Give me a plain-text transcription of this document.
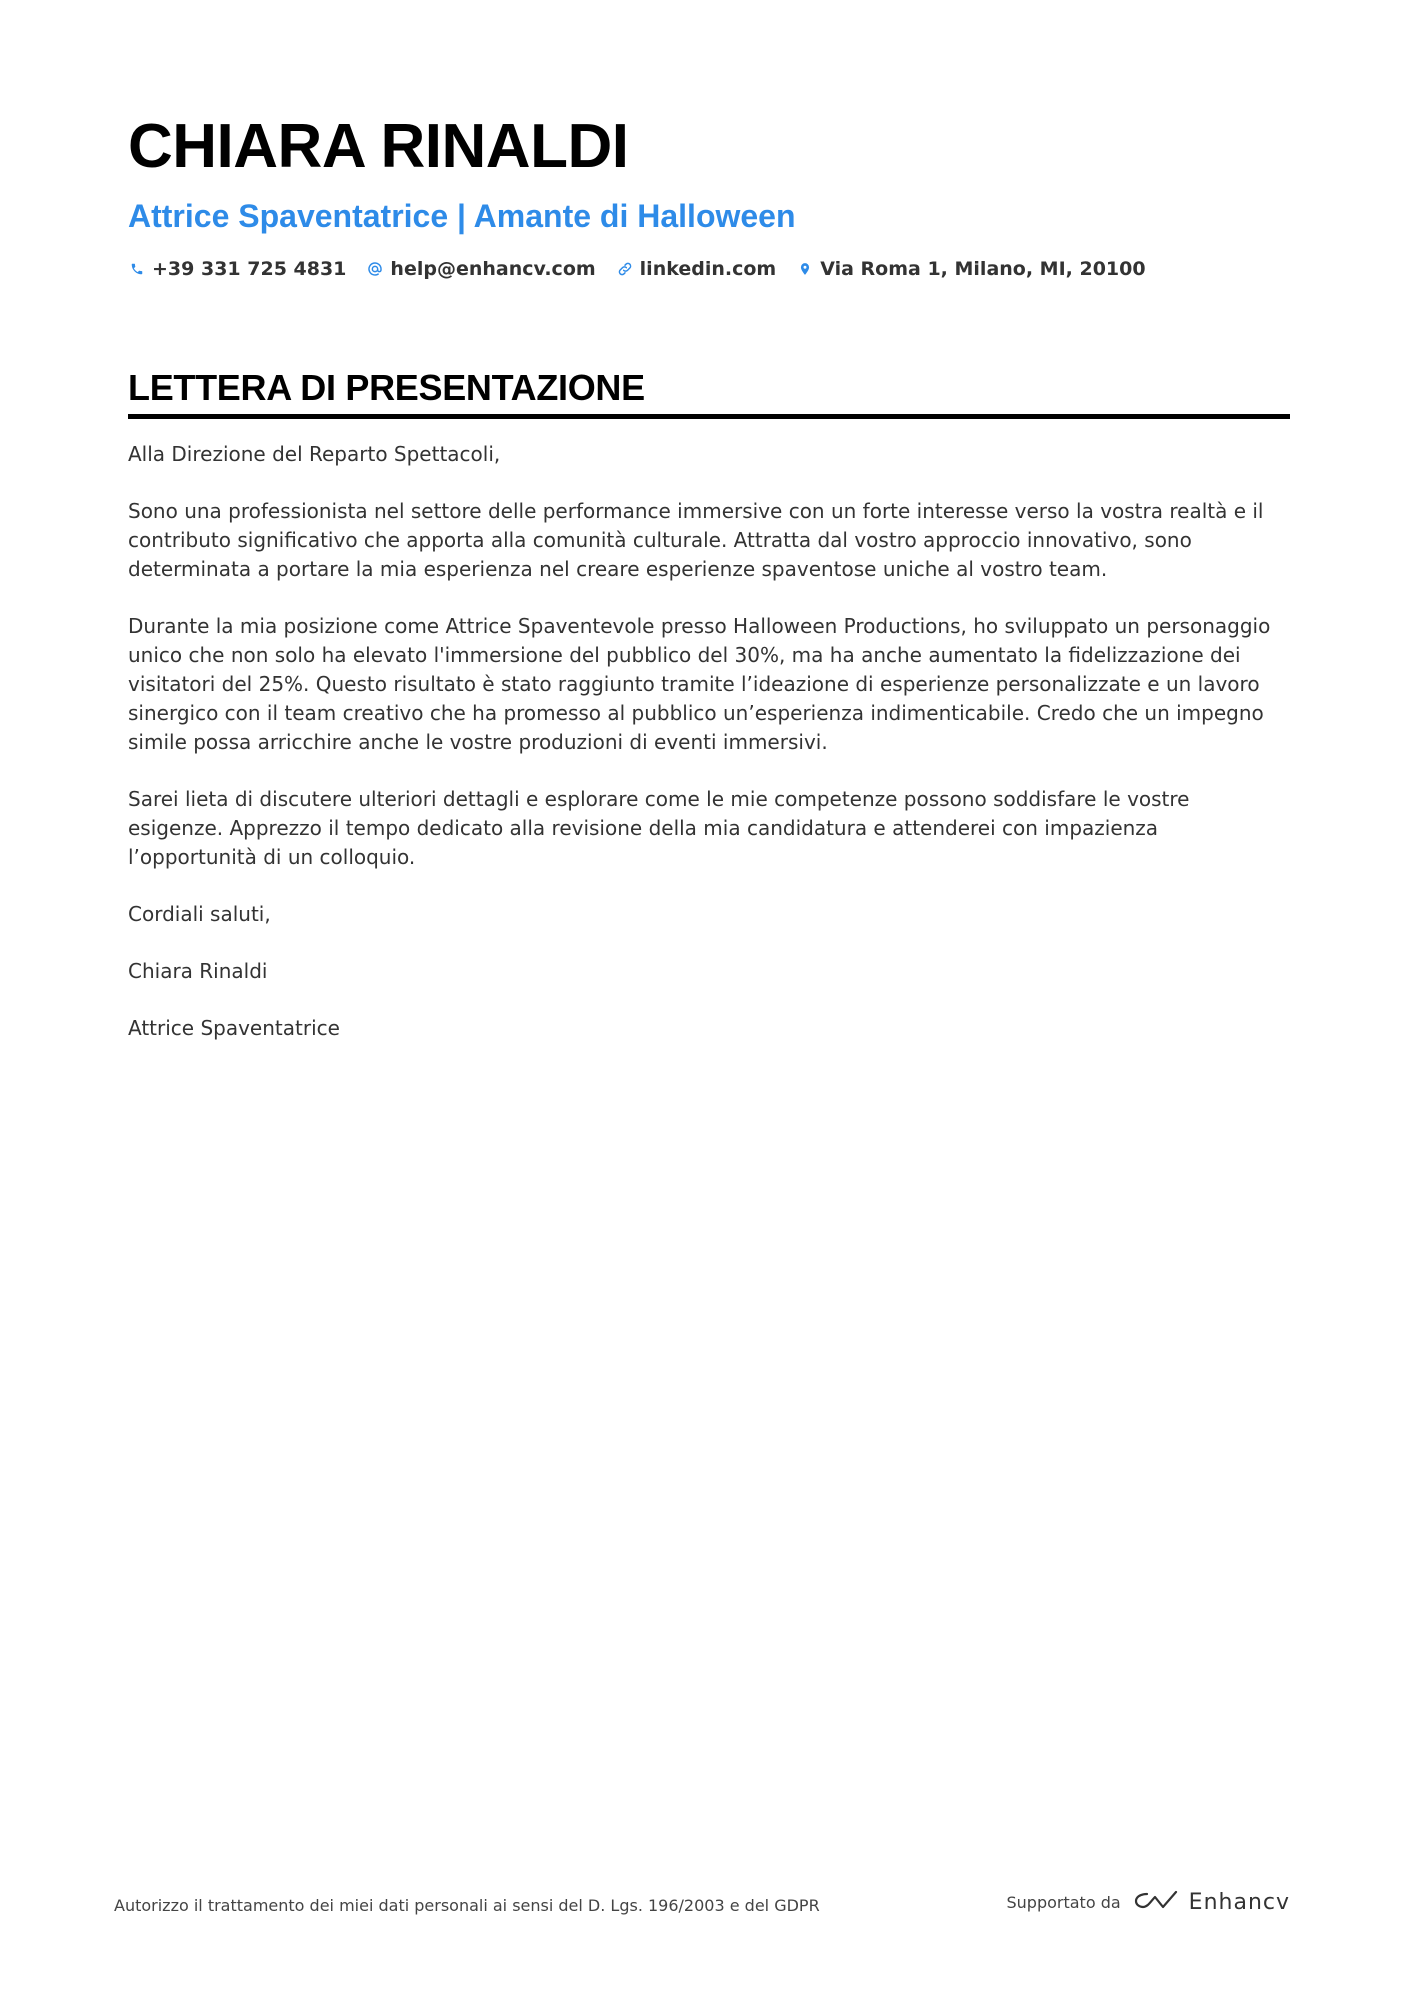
CHIARA RINALDI
Attrice Spaventatrice | Amante di Halloween
+39 331 725 4831 help@enhancv.com linkedin.com Via Roma 1, Milano, MI, 20100
LETTERA DI PRESENTAZIONE

Alla Direzione del Reparto Spettacoli,

Sono una professionista nel settore delle performance immersive con un forte interesse verso la vostra realtà e il contributo significativo che apporta alla comunità culturale. Attratta dal vostro approccio innovativo, sono determinata a portare la mia esperienza nel creare esperienze spaventose uniche al vostro team.

Durante la mia posizione come Attrice Spaventevole presso Halloween Productions, ho sviluppato un personaggio unico che non solo ha elevato l'immersione del pubblico del 30%, ma ha anche aumentato la fidelizzazione dei visitatori del 25%. Questo risultato è stato raggiunto tramite l’ideazione di esperienze personalizzate e un lavoro sinergico con il team creativo che ha promesso al pubblico un’esperienza indimenticabile. Credo che un impegno simile possa arricchire anche le vostre produzioni di eventi immersivi.

Sarei lieta di discutere ulteriori dettagli e esplorare come le mie competenze possono soddisfare le vostre esigenze. Apprezzo il tempo dedicato alla revisione della mia candidatura e attenderei con impazienza l’opportunità di un colloquio.

Cordiali saluti,

Chiara Rinaldi

Attrice Spaventatrice

Autorizzo il trattamento dei miei dati personali ai sensi del D. Lgs. 196/2003 e del GDPR	Supportato da	Enhancv
